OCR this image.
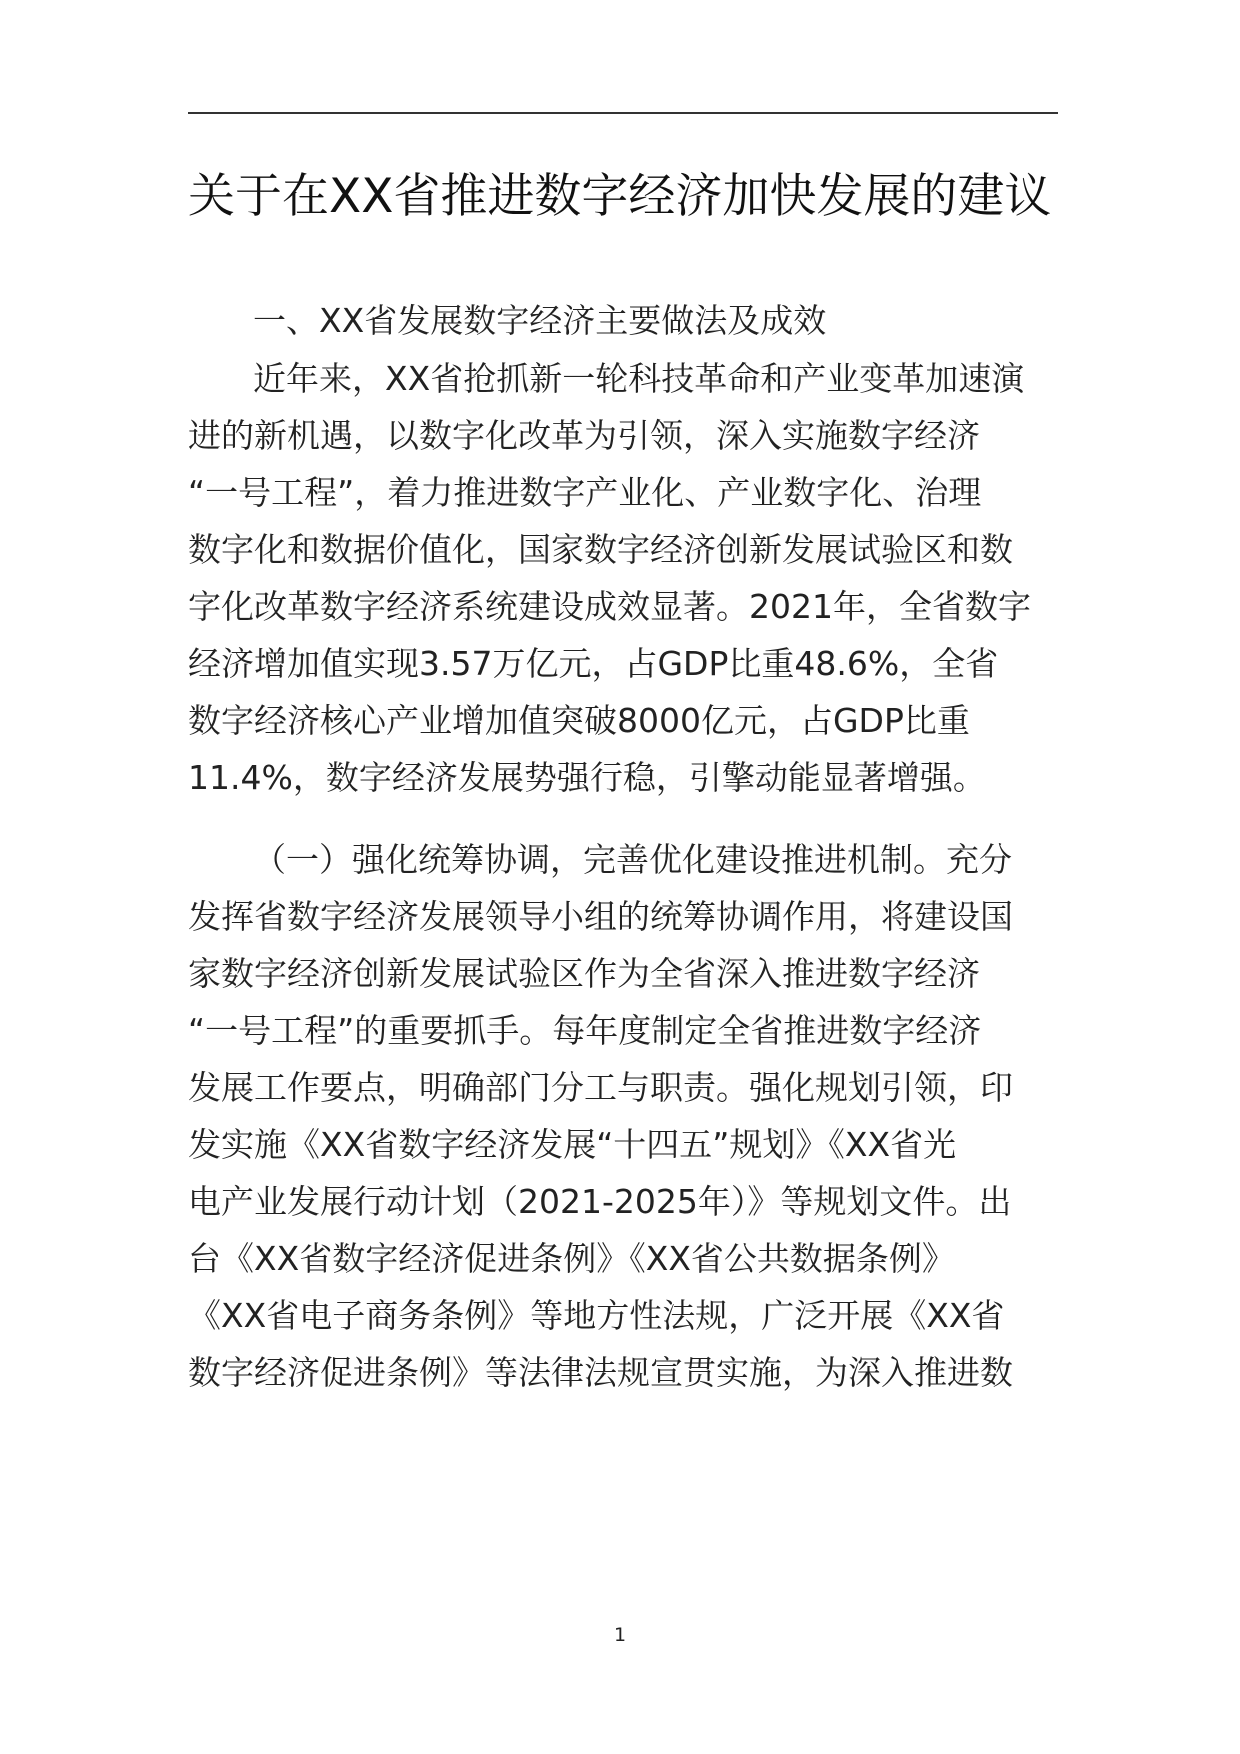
关于在XX省推进数字经济加快发展的建议
一、XX省发展数字经济主要做法及成效

近年来，XX省抢抓新一轮科技革命和产业变革加速演

进的新机遇，以数字化改革为引领，深入实施数字经济

“一号工程”，着力推进数字产业化、产业数字化、治理

数字化和数据价值化，国家数字经济创新发展试验区和数

字化改革数字经济系统建设成效显著。2021年，全省数字

经济增加值实现3.57万亿元，占GDP比重48.6%，全省

数字经济核心产业增加值突破8000亿元，占GDP比重

11.4%，数字经济发展势强行稳，引擎动能显著增强。

（一）强化统筹协调，完善优化建设推进机制。充分

发挥省数字经济发展领导小组的统筹协调作用，将建设国

家数字经济创新发展试验区作为全省深入推进数字经济

“一号工程”的重要抓手。每年度制定全省推进数字经济

发展工作要点，明确部门分工与职责。强化规划引领，印

发实施《XX省数字经济发展“十四五”规划》《XX省光

电产业发展行动计划（2021-2025年）》等规划文件。出

台《XX省数字经济促进条例》《XX省公共数据条例》

《XX省电子商务条例》等地方性法规，广泛开展《XX省

数字经济促进条例》等法律法规宣贯实施，为深入推进数

1
